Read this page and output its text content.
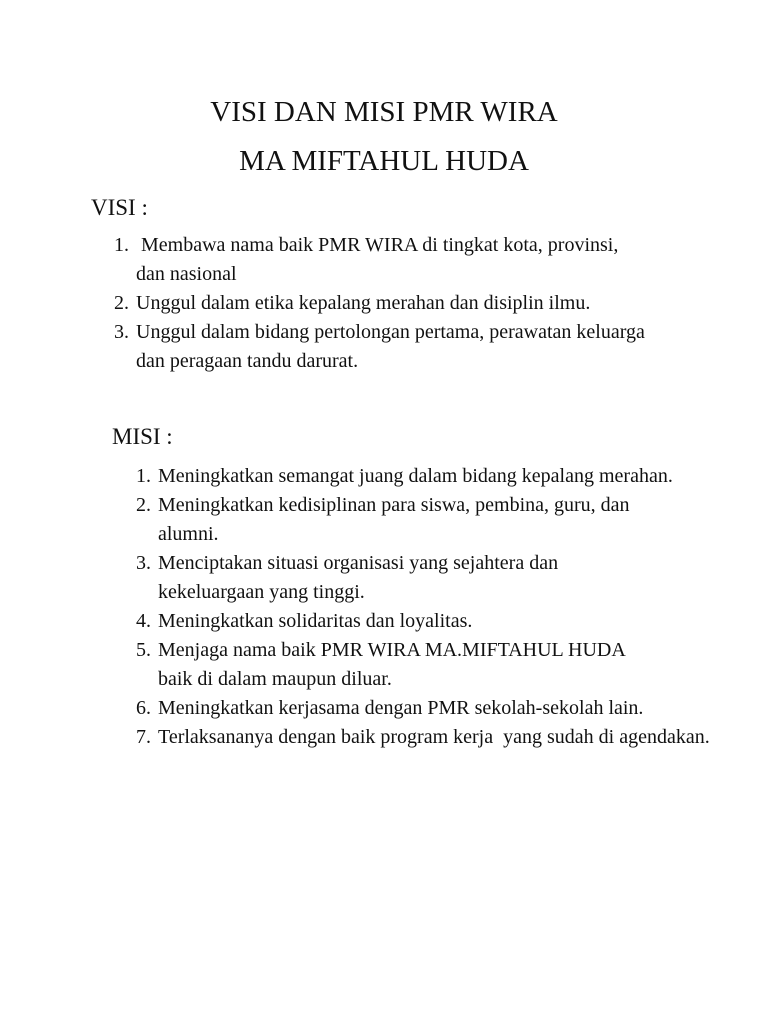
VISI DAN MISI PMR WIRA
MA MIFTAHUL HUDA
VISI :
1. Membawa nama baik PMR WIRA di tingkat kota, provinsi, dan nasional
2. Unggul dalam etika kepalang merahan dan disiplin ilmu.
3. Unggul dalam bidang pertolongan pertama, perawatan keluarga dan peragaan tandu darurat.
MISI :
1. Meningkatkan semangat juang dalam bidang kepalang merahan.
2. Meningkatkan kedisiplinan para siswa, pembina, guru, dan alumni.
3. Menciptakan situasi organisasi yang sejahtera dan kekeluargaan yang tinggi.
4. Meningkatkan solidaritas dan loyalitas.
5. Menjaga nama baik PMR WIRA MA.MIFTAHUL HUDA baik di dalam maupun diluar.
6. Meningkatkan kerjasama dengan PMR sekolah-sekolah lain.
7. Terlaksananya dengan baik program kerja  yang sudah di agendakan.
